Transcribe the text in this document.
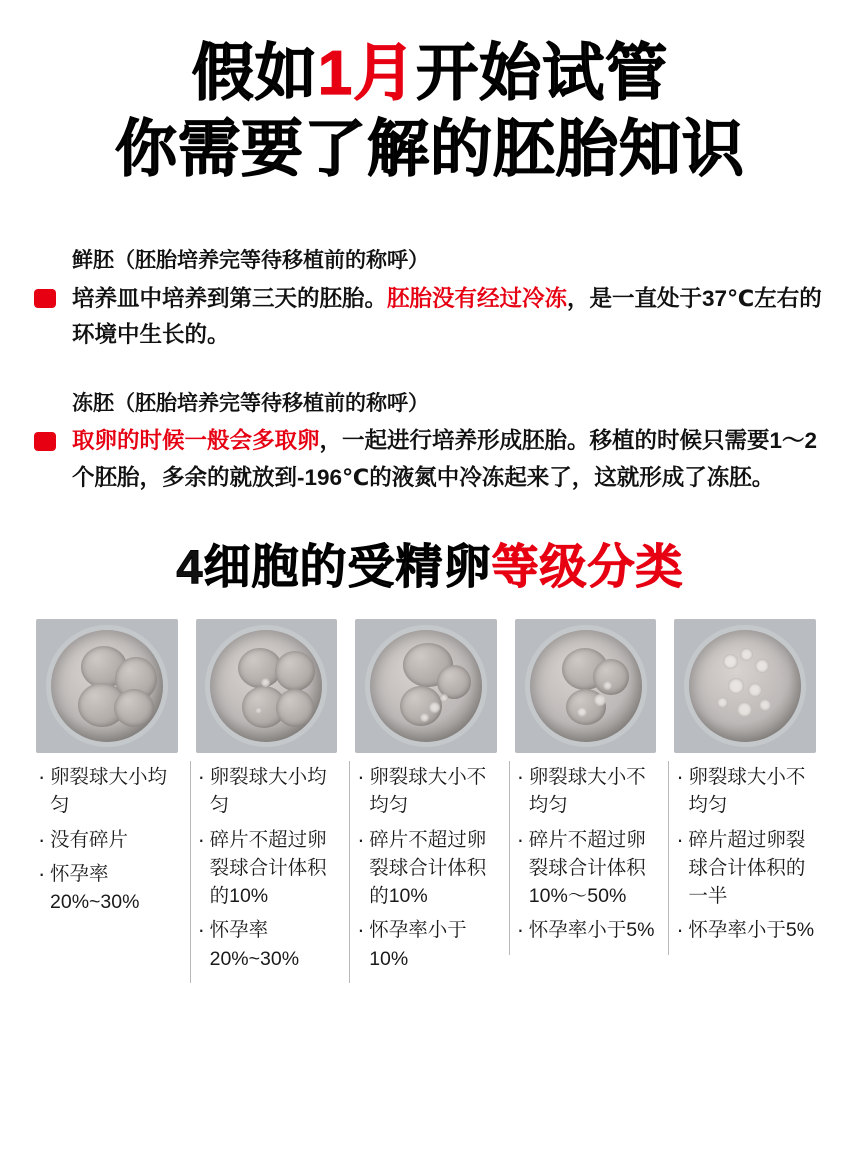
假如1月开始试管
你需要了解的胚胎知识
鲜胚（胚胎培养完等待移植前的称呼）
培养皿中培养到第三天的胚胎。胚胎没有经过冷冻，是一直处于37℃左右的环境中生长的。
冻胚（胚胎培养完等待移植前的称呼）
取卵的时候一般会多取卵，一起进行培养形成胚胎。移植的时候只需要1～2个胚胎，多余的就放到-196℃的液氮中冷冻起来了，这就形成了冻胚。
4细胞的受精卵等级分类
· 卵裂球大小均匀
· 没有碎片
· 怀孕率20%~30%
· 卵裂球大小均匀
· 碎片不超过卵裂球合计体积的10%
· 怀孕率20%~30%
· 卵裂球大小不均匀
· 碎片不超过卵裂球合计体积的10%
· 怀孕率小于10%
· 卵裂球大小不均匀
· 碎片不超过卵裂球合计体积10%～50%
· 怀孕率小于5%
· 卵裂球大小不均匀
· 碎片超过卵裂球合计体积的一半
· 怀孕率小于5%
